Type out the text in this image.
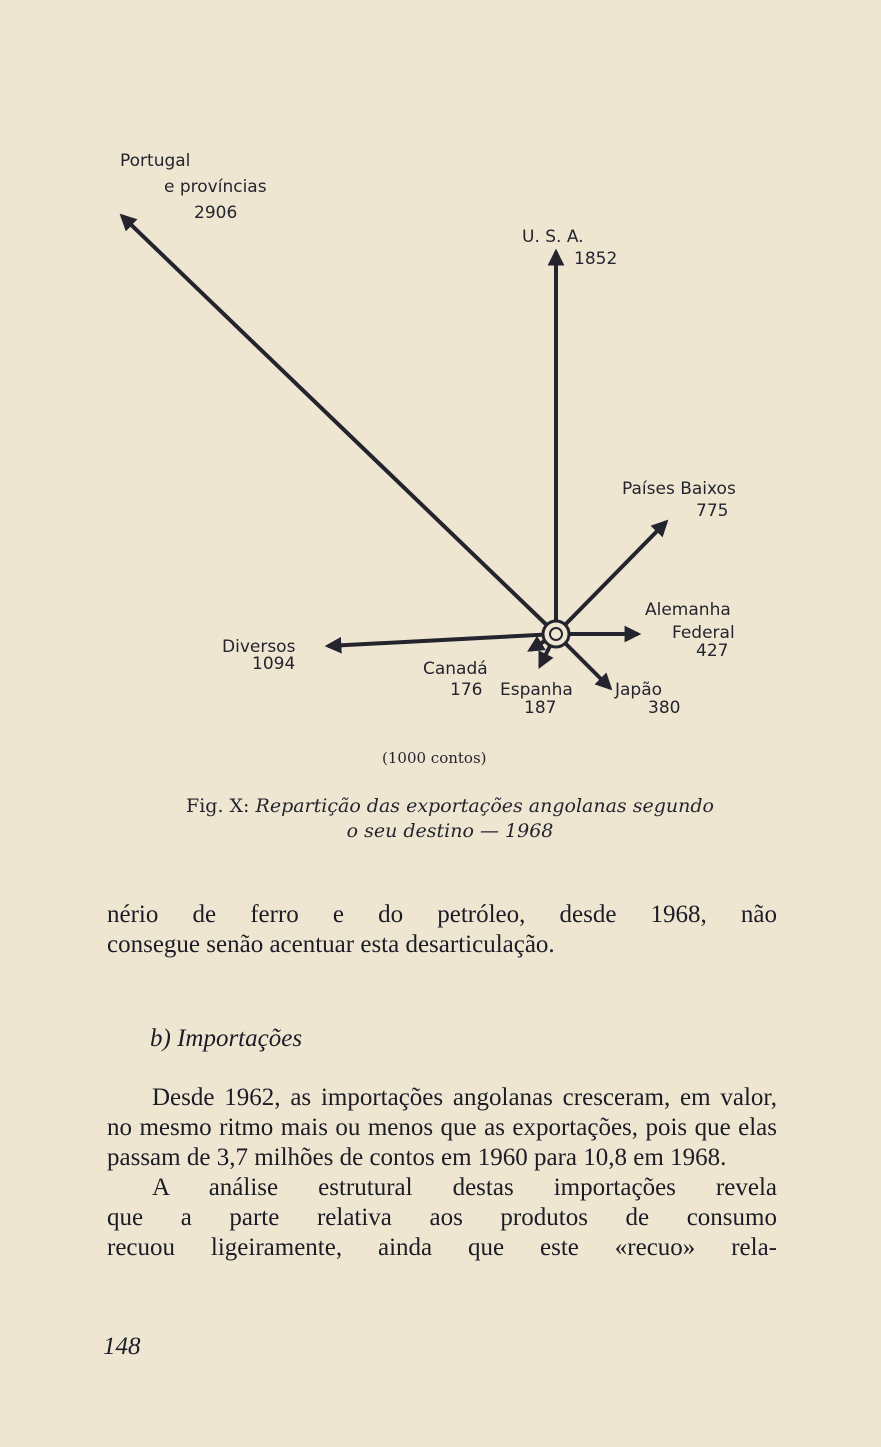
Portugal
e províncias
2906
U. S. A.
1852
Países Baixos
775
Alemanha
Federal
427
Japão
380
Espanha
187
Canadá
176
Diversos
1094
(1000 contos)
Fig. X: Repartição das exportações angolanas segundo
o seu destino — 1968

nério de ferro e do petróleo, desde 1968, não

consegue senão acentuar esta desarticulação.

b) Importações

Desde 1962, as importações angolanas cresceram, em valor, no mesmo ritmo mais ou menos que as exportações, pois que elas passam de 3,7 milhões de contos em 1960 para 10,8 em 1968.

A análise estrutural destas importações revela

que a parte relativa aos produtos de consumo

recuou ligeiramente, ainda que este «recuo» rela-

148
